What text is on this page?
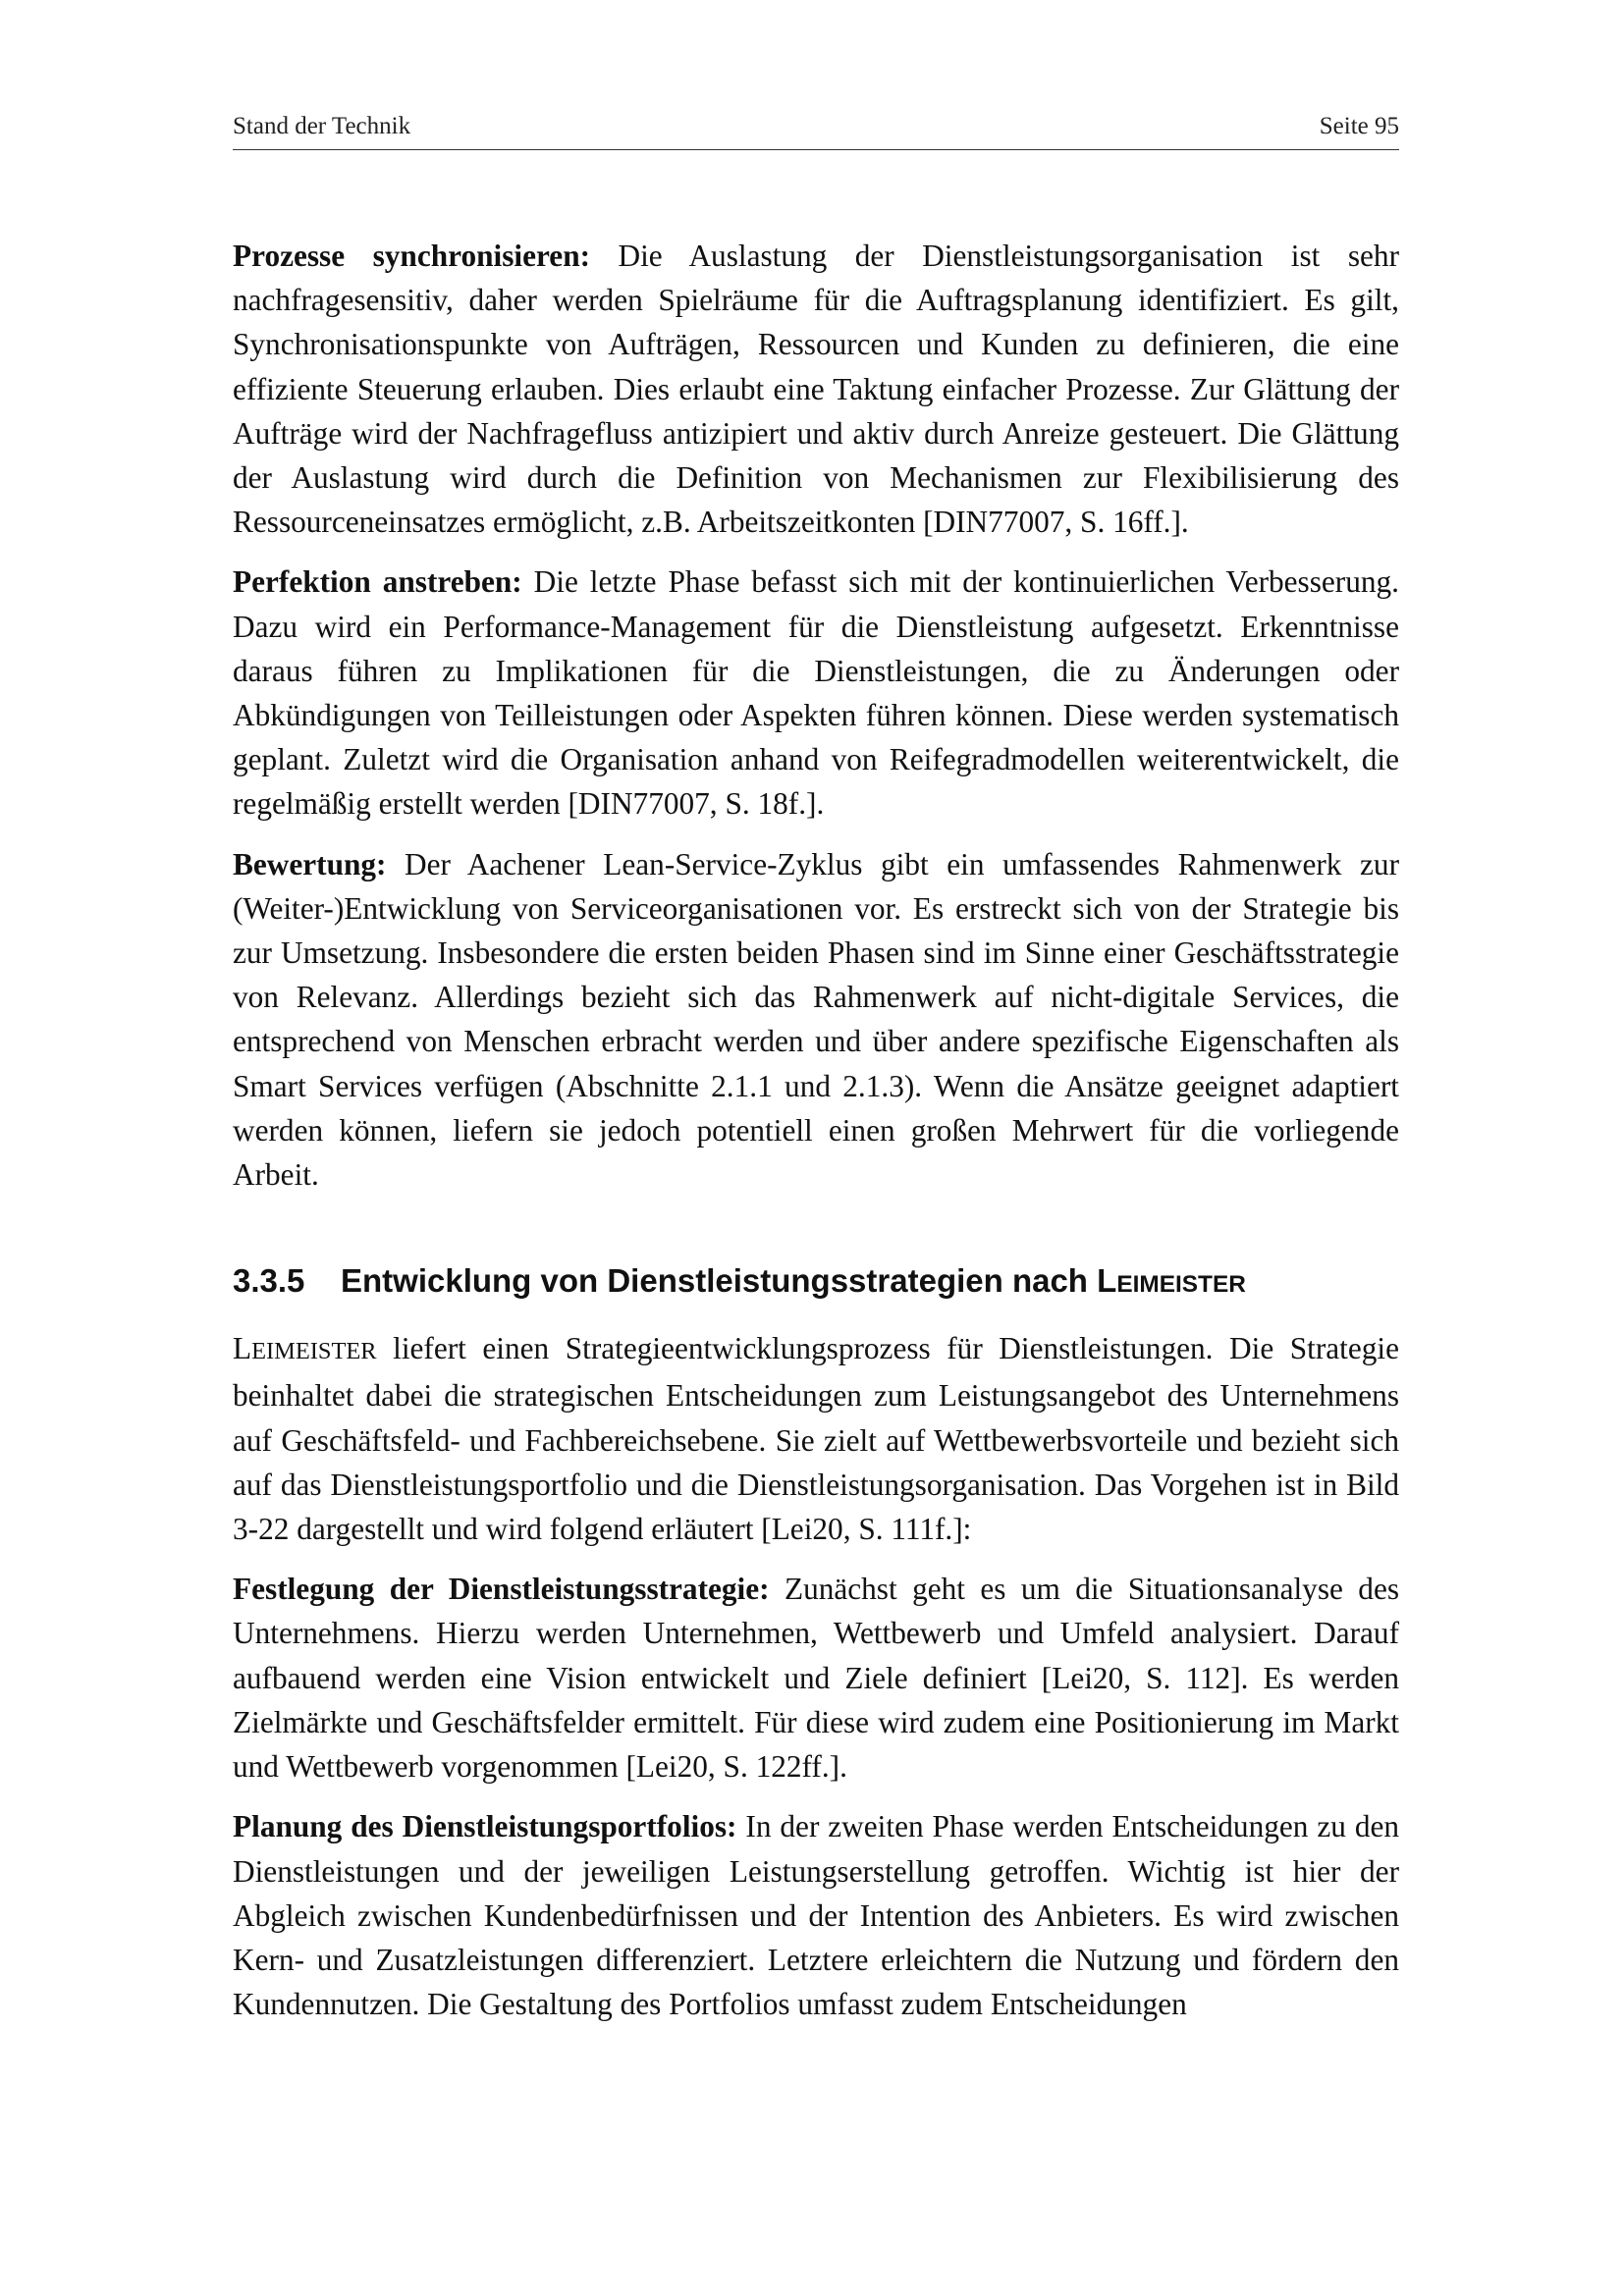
Stand der Technik	Seite 95

Prozesse synchronisieren: Die Auslastung der Dienstleistungsorganisation ist sehr nachfragesensitiv, daher werden Spielräume für die Auftragsplanung identifiziert. Es gilt, Synchronisationspunkte von Aufträgen, Ressourcen und Kunden zu definieren, die eine effiziente Steuerung erlauben. Dies erlaubt eine Taktung einfacher Prozesse. Zur Glättung der Aufträge wird der Nachfragefluss antizipiert und aktiv durch Anreize gesteuert. Die Glättung der Auslastung wird durch die Definition von Mechanismen zur Flexibilisierung des Ressourceneinsatzes ermöglicht, z.B. Arbeitszeitkonten [DIN77007, S. 16ff.].

Perfektion anstreben: Die letzte Phase befasst sich mit der kontinuierlichen Verbesserung. Dazu wird ein Performance-Management für die Dienstleistung aufgesetzt. Erkenntnisse daraus führen zu Implikationen für die Dienstleistungen, die zu Änderungen oder Abkündigungen von Teilleistungen oder Aspekten führen können. Diese werden systematisch geplant. Zuletzt wird die Organisation anhand von Reifegradmodellen weiterentwickelt, die regelmäßig erstellt werden [DIN77007, S. 18f.].

Bewertung: Der Aachener Lean-Service-Zyklus gibt ein umfassendes Rahmenwerk zur (Weiter-)Entwicklung von Serviceorganisationen vor. Es erstreckt sich von der Strategie bis zur Umsetzung. Insbesondere die ersten beiden Phasen sind im Sinne einer Geschäftsstrategie von Relevanz. Allerdings bezieht sich das Rahmenwerk auf nicht-digitale Services, die entsprechend von Menschen erbracht werden und über andere spezifische Eigenschaften als Smart Services verfügen (Abschnitte 2.1.1 und 2.1.3). Wenn die Ansätze geeignet adaptiert werden können, liefern sie jedoch potentiell einen großen Mehrwert für die vorliegende Arbeit.

3.3.5	Entwicklung von Dienstleistungsstrategien nach LEIMEISTER

LEIMEISTER liefert einen Strategieentwicklungsprozess für Dienstleistungen. Die Strategie beinhaltet dabei die strategischen Entscheidungen zum Leistungsangebot des Unternehmens auf Geschäftsfeld- und Fachbereichsebene. Sie zielt auf Wettbewerbsvorteile und bezieht sich auf das Dienstleistungsportfolio und die Dienstleistungsorganisation. Das Vorgehen ist in Bild 3-22 dargestellt und wird folgend erläutert [Lei20, S. 111f.]:

Festlegung der Dienstleistungsstrategie: Zunächst geht es um die Situationsanalyse des Unternehmens. Hierzu werden Unternehmen, Wettbewerb und Umfeld analysiert. Darauf aufbauend werden eine Vision entwickelt und Ziele definiert [Lei20, S. 112]. Es werden Zielmärkte und Geschäftsfelder ermittelt. Für diese wird zudem eine Positionierung im Markt und Wettbewerb vorgenommen [Lei20, S. 122ff.].

Planung des Dienstleistungsportfolios: In der zweiten Phase werden Entscheidungen zu den Dienstleistungen und der jeweiligen Leistungserstellung getroffen. Wichtig ist hier der Abgleich zwischen Kundenbedürfnissen und der Intention des Anbieters. Es wird zwischen Kern- und Zusatzleistungen differenziert. Letztere erleichtern die Nutzung und fördern den Kundennutzen. Die Gestaltung des Portfolios umfasst zudem Entscheidungen
